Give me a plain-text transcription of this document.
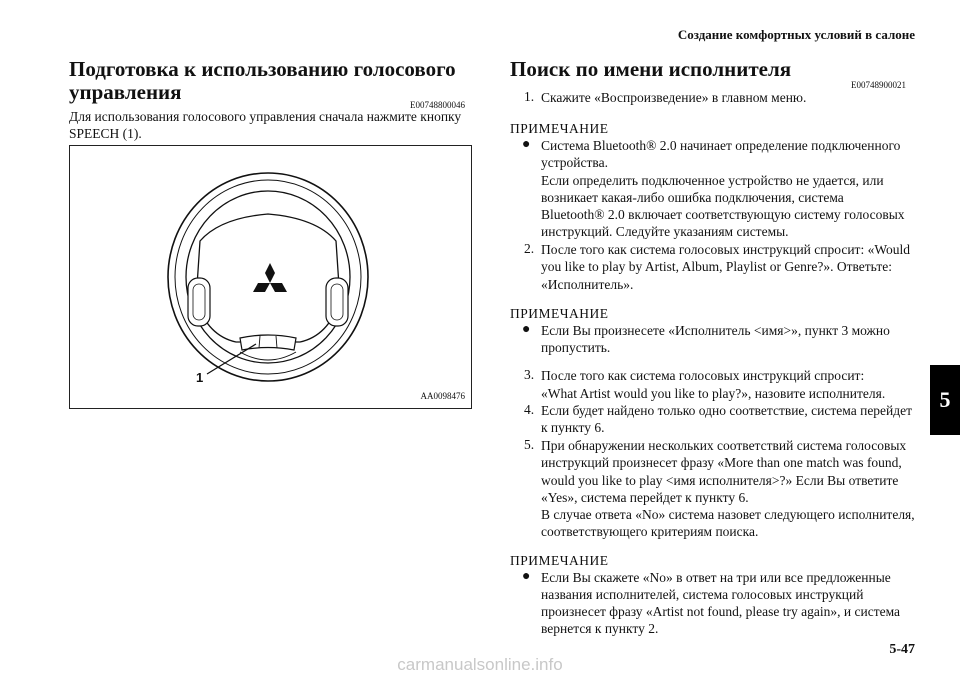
Создание комфортных условий в салоне
Подготовка к использованию голосового
управления
E00748800046
Для использования голосового управления сначала нажмите кнопку
SPEECH (1).
1
AA0098476
Поиск по имени исполнителя
E00748900021
1. Скажите «Воспроизведение» в главном меню.
ПРИМЕЧАНИЕ
● Система Bluetooth® 2.0 начинает определение подключенного
устройства.
Если определить подключенное устройство не удается, или
возникает какая-либо ошибка подключения, система
Bluetooth® 2.0 включает соответствующую систему голосовых
инструкций. Следуйте указаниям системы.
2. После того как система голосовых инструкций спросит: «Would
you like to play by Artist, Album, Playlist or Genre?». Ответьте:
«Исполнитель».
ПРИМЕЧАНИЕ
● Если Вы произнесете «Исполнитель <имя>», пункт 3 можно
пропустить.
3. После того как система голосовых инструкций спросит:
«What Artist would you like to play?», назовите исполнителя.
4. Если будет найдено только одно соответствие, система перейдет
к пункту 6.
5. При обнаружении нескольких соответствий система голосовых
инструкций произнесет фразу «More than one match was found,
would you like to play <имя исполнителя>?» Если Вы ответите
«Yes», система перейдет к пункту 6.
В случае ответа «No» система назовет следующего исполнителя,
соответствующего критериям поиска.
ПРИМЕЧАНИЕ
● Если Вы скажете «No» в ответ на три или все предложенные
названия исполнителей, система голосовых инструкций
произнесет фразу «Artist not found, please try again», и система
вернется к пункту 2.
5
5-47
carmanualsonline.info
